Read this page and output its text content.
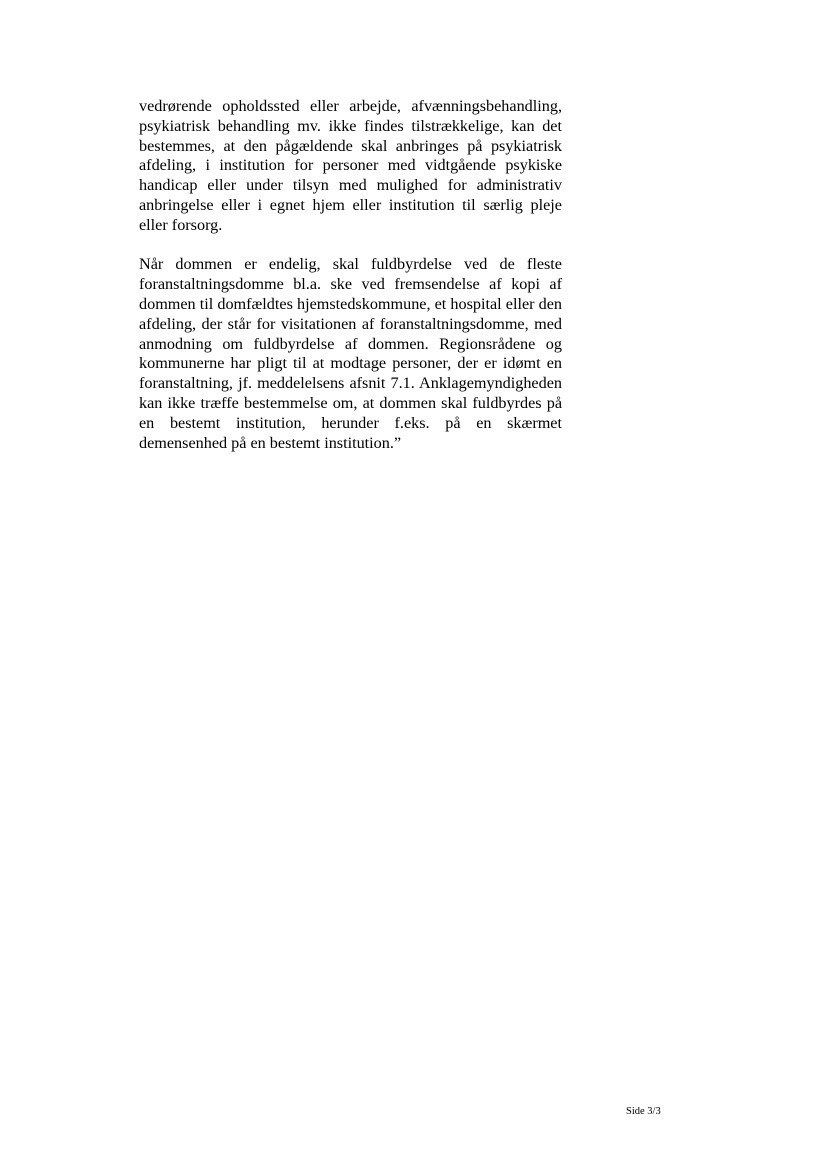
vedrørende opholdssted eller arbejde, afvænningsbehandling, psykiatrisk behandling mv. ikke findes tilstrækkelige, kan det bestemmes, at den pågældende skal anbringes på psykiatrisk afdeling, i institution for personer med vidtgående psykiske handicap eller under tilsyn med mulighed for administrativ anbringelse eller i egnet hjem eller institution til særlig pleje eller forsorg.

Når dommen er endelig, skal fuldbyrdelse ved de fleste foranstaltningsdomme bl.a. ske ved fremsendelse af kopi af dommen til domfældtes hjemstedskommune, et hospital eller den afdeling, der står for visitationen af foranstaltningsdomme, med anmodning om fuldbyrdelse af dommen. Regionsrådene og kommunerne har pligt til at modtage personer, der er idømt en foranstaltning, jf. meddelelsens afsnit 7.1. Anklagemyndigheden kan ikke træffe bestemmelse om, at dommen skal fuldbyrdes på en bestemt institution, herunder f.eks. på en skærmet demensenhed på en bestemt institution.”

Side 3/3
